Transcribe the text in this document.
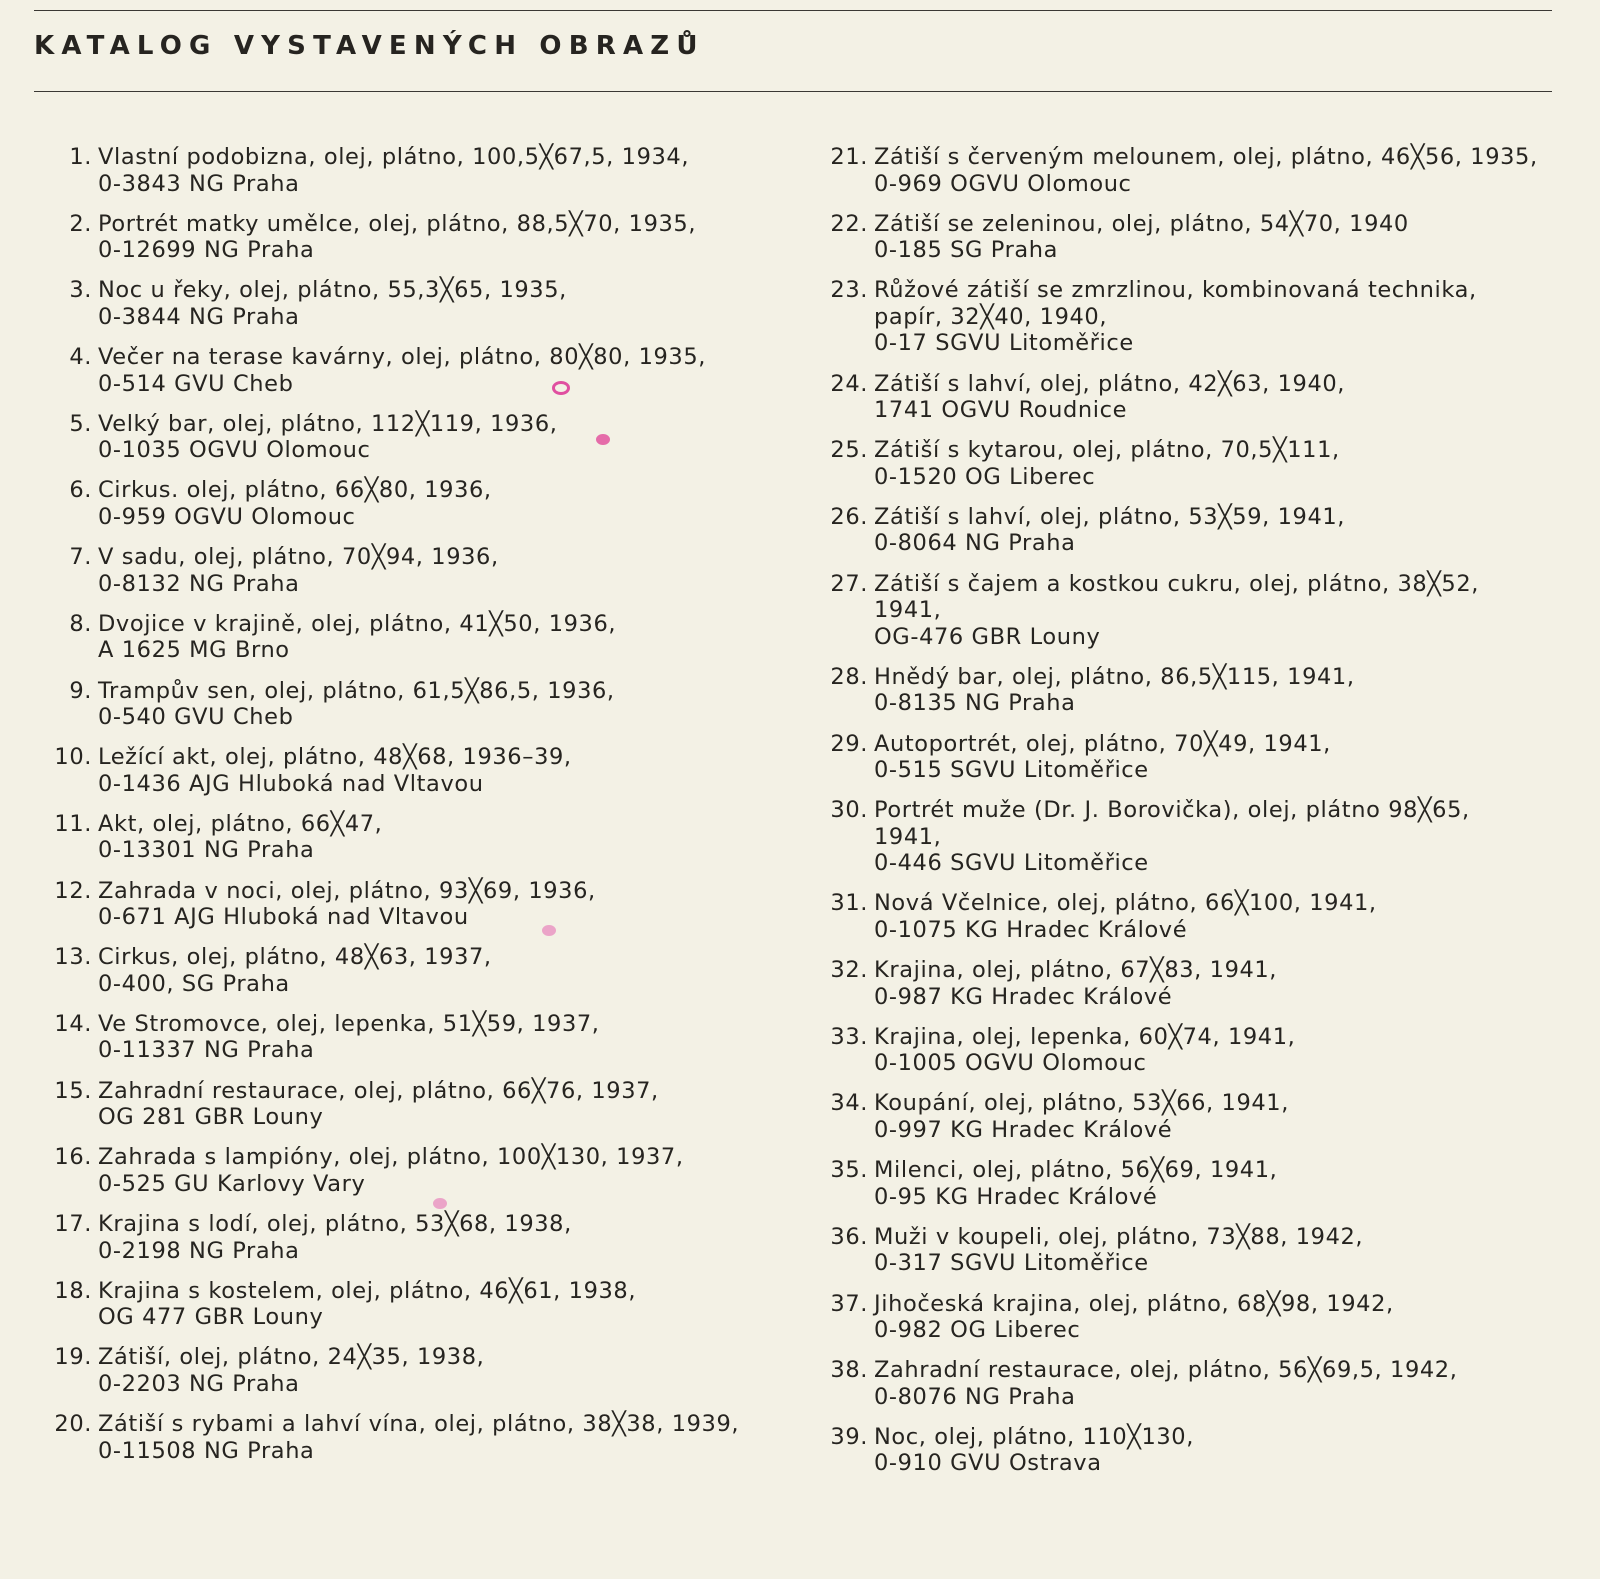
KATALOG VYSTAVENÝCH OBRAZŮ
1. Vlastní podobizna, olej, plátno, 100,5╳67,5, 1934,
0-3843 NG Praha
2. Portrét matky umělce, olej, plátno, 88,5╳70, 1935,
0-12699 NG Praha
3. Noc u řeky, olej, plátno, 55,3╳65, 1935,
0-3844 NG Praha
4. Večer na terase kavárny, olej, plátno, 80╳80, 1935,
0-514 GVU Cheb
5. Velký bar, olej, plátno, 112╳119, 1936,
0-1035 OGVU Olomouc
6. Cirkus. olej, plátno, 66╳80, 1936,
0-959 OGVU Olomouc
7. V sadu, olej, plátno, 70╳94, 1936,
0-8132 NG Praha
8. Dvojice v krajině, olej, plátno, 41╳50, 1936,
A 1625 MG Brno
9. Trampův sen, olej, plátno, 61,5╳86,5, 1936,
0-540 GVU Cheb
10. Ležící akt, olej, plátno, 48╳68, 1936–39,
0-1436 AJG Hluboká nad Vltavou
11. Akt, olej, plátno, 66╳47,
0-13301 NG Praha
12. Zahrada v noci, olej, plátno, 93╳69, 1936,
0-671 AJG Hluboká nad Vltavou
13. Cirkus, olej, plátno, 48╳63, 1937,
0-400, SG Praha
14. Ve Stromovce, olej, lepenka, 51╳59, 1937,
0-11337 NG Praha
15. Zahradní restaurace, olej, plátno, 66╳76, 1937,
OG 281 GBR Louny
16. Zahrada s lampióny, olej, plátno, 100╳130, 1937,
0-525 GU Karlovy Vary
17. Krajina s lodí, olej, plátno, 53╳68, 1938,
0-2198 NG Praha
18. Krajina s kostelem, olej, plátno, 46╳61, 1938,
OG 477 GBR Louny
19. Zátiší, olej, plátno, 24╳35, 1938,
0-2203 NG Praha
20. Zátiší s rybami a lahví vína, olej, plátno, 38╳38, 1939,
0-11508 NG Praha
21. Zátiší s červeným melounem, olej, plátno, 46╳56, 1935,
0-969 OGVU Olomouc
22. Zátiší se zeleninou, olej, plátno, 54╳70, 1940
0-185 SG Praha
23. Růžové zátiší se zmrzlinou, kombinovaná technika,
papír, 32╳40, 1940,
0-17 SGVU Litoměřice
24. Zátiší s lahví, olej, plátno, 42╳63, 1940,
1741 OGVU Roudnice
25. Zátiší s kytarou, olej, plátno, 70,5╳111,
0-1520 OG Liberec
26. Zátiší s lahví, olej, plátno, 53╳59, 1941,
0-8064 NG Praha
27. Zátiší s čajem a kostkou cukru, olej, plátno, 38╳52,
1941,
OG-476 GBR Louny
28. Hnědý bar, olej, plátno, 86,5╳115, 1941,
0-8135 NG Praha
29. Autoportrét, olej, plátno, 70╳49, 1941,
0-515 SGVU Litoměřice
30. Portrét muže (Dr. J. Borovička), olej, plátno 98╳65,
1941,
0-446 SGVU Litoměřice
31. Nová Včelnice, olej, plátno, 66╳100, 1941,
0-1075 KG Hradec Králové
32. Krajina, olej, plátno, 67╳83, 1941,
0-987 KG Hradec Králové
33. Krajina, olej, lepenka, 60╳74, 1941,
0-1005 OGVU Olomouc
34. Koupání, olej, plátno, 53╳66, 1941,
0-997 KG Hradec Králové
35. Milenci, olej, plátno, 56╳69, 1941,
0-95 KG Hradec Králové
36. Muži v koupeli, olej, plátno, 73╳88, 1942,
0-317 SGVU Litoměřice
37. Jihočeská krajina, olej, plátno, 68╳98, 1942,
0-982 OG Liberec
38. Zahradní restaurace, olej, plátno, 56╳69,5, 1942,
0-8076 NG Praha
39. Noc, olej, plátno, 110╳130,
0-910 GVU Ostrava
